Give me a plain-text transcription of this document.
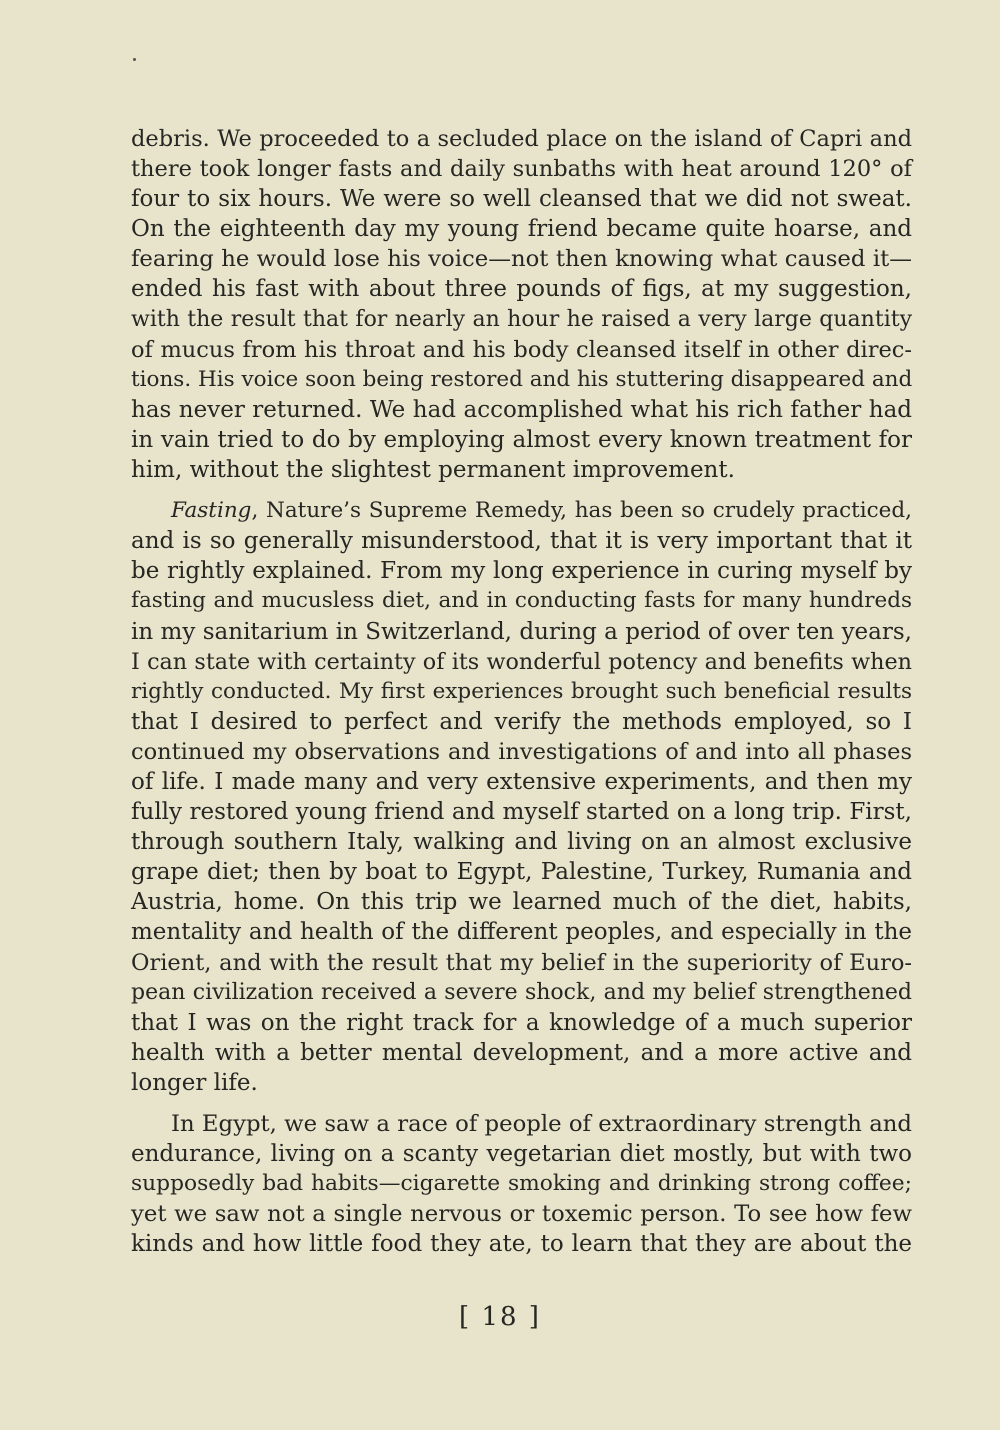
debris. We proceeded to a secluded place on the island of Capri and
there took longer fasts and daily sunbaths with heat around 120° of
four to six hours. We were so well cleansed that we did not sweat.
On the eighteenth day my young friend became quite hoarse, and
fearing he would lose his voice—not then knowing what caused it—
ended his fast with about three pounds of figs, at my suggestion,
with the result that for nearly an hour he raised a very large quantity
of mucus from his throat and his body cleansed itself in other direc-
tions. His voice soon being restored and his stuttering disappeared and
has never returned. We had accomplished what his rich father had
in vain tried to do by employing almost every known treatment for
him, without the slightest permanent improvement.
Fasting, Nature’s Supreme Remedy, has been so crudely practiced,
and is so generally misunderstood, that it is very important that it
be rightly explained. From my long experience in curing myself by
fasting and mucusless diet, and in conducting fasts for many hundreds
in my sanitarium in Switzerland, during a period of over ten years,
I can state with certainty of its wonderful potency and benefits when
rightly conducted. My first experiences brought such beneficial results
that I desired to perfect and verify the methods employed, so I
continued my observations and investigations of and into all phases
of life. I made many and very extensive experiments, and then my
fully restored young friend and myself started on a long trip. First,
through southern Italy, walking and living on an almost exclusive
grape diet; then by boat to Egypt, Palestine, Turkey, Rumania and
Austria, home. On this trip we learned much of the diet, habits,
mentality and health of the different peoples, and especially in the
Orient, and with the result that my belief in the superiority of Euro-
pean civilization received a severe shock, and my belief strengthened
that I was on the right track for a knowledge of a much superior
health with a better mental development, and a more active and
longer life.
In Egypt, we saw a race of people of extraordinary strength and
endurance, living on a scanty vegetarian diet mostly, but with two
supposedly bad habits—cigarette smoking and drinking strong coffee;
yet we saw not a single nervous or toxemic person. To see how few
kinds and how little food they ate, to learn that they are about the
[ 18 ]
